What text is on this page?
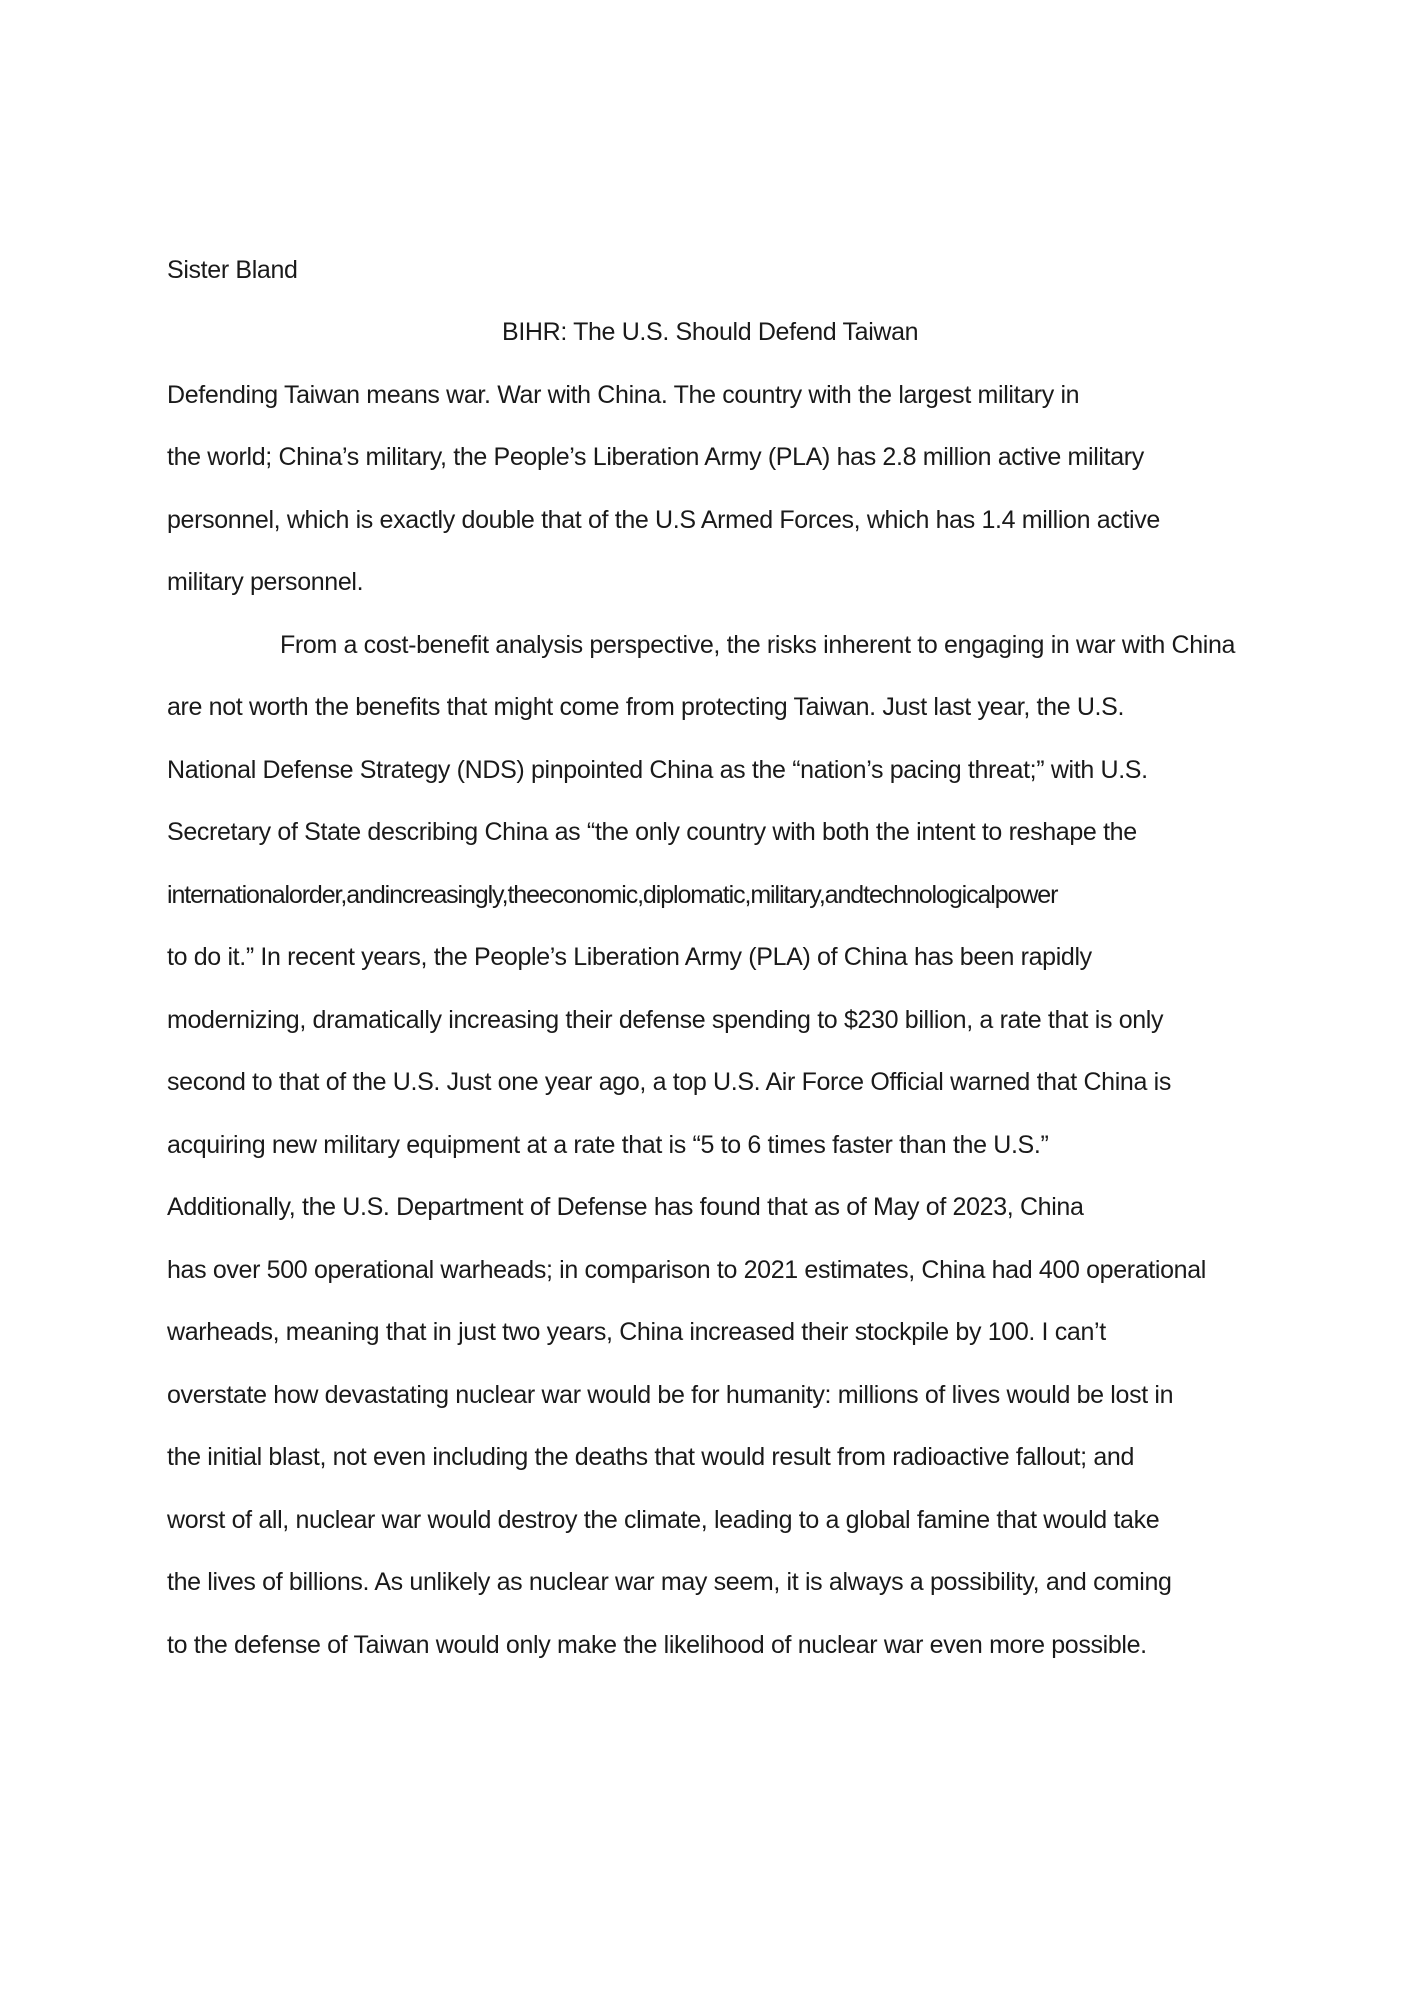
Sister Bland
BIHR: The U.S. Should Defend Taiwan
Defending Taiwan means war. War with China. The country with the largest military in
the world; China’s military, the People’s Liberation Army (PLA) has 2.8 million active military
personnel, which is exactly double that of the U.S Armed Forces, which has 1.4 million active
military personnel.
From a cost-benefit analysis perspective, the risks inherent to engaging in war with China
are not worth the benefits that might come from protecting Taiwan. Just last year, the U.S.
National Defense Strategy (NDS) pinpointed China as the “nation’s pacing threat;” with U.S.
Secretary of State describing China as “the only country with both the intent to reshape the
internationalorder,andincreasingly,theeconomic,diplomatic,military,andtechnologicalpower
to do it.” In recent years, the People’s Liberation Army (PLA) of China has been rapidly
modernizing, dramatically increasing their defense spending to $230 billion, a rate that is only
second to that of the U.S. Just one year ago, a top U.S. Air Force Official warned that China is
acquiring new military equipment at a rate that is “5 to 6 times faster than the U.S.”
Additionally, the U.S. Department of Defense has found that as of May of 2023, China
has over 500 operational warheads; in comparison to 2021 estimates, China had 400 operational
warheads, meaning that in just two years, China increased their stockpile by 100. I can’t
overstate how devastating nuclear war would be for humanity: millions of lives would be lost in
the initial blast, not even including the deaths that would result from radioactive fallout; and
worst of all, nuclear war would destroy the climate, leading to a global famine that would take
the lives of billions. As unlikely as nuclear war may seem, it is always a possibility, and coming
to the defense of Taiwan would only make the likelihood of nuclear war even more possible.
